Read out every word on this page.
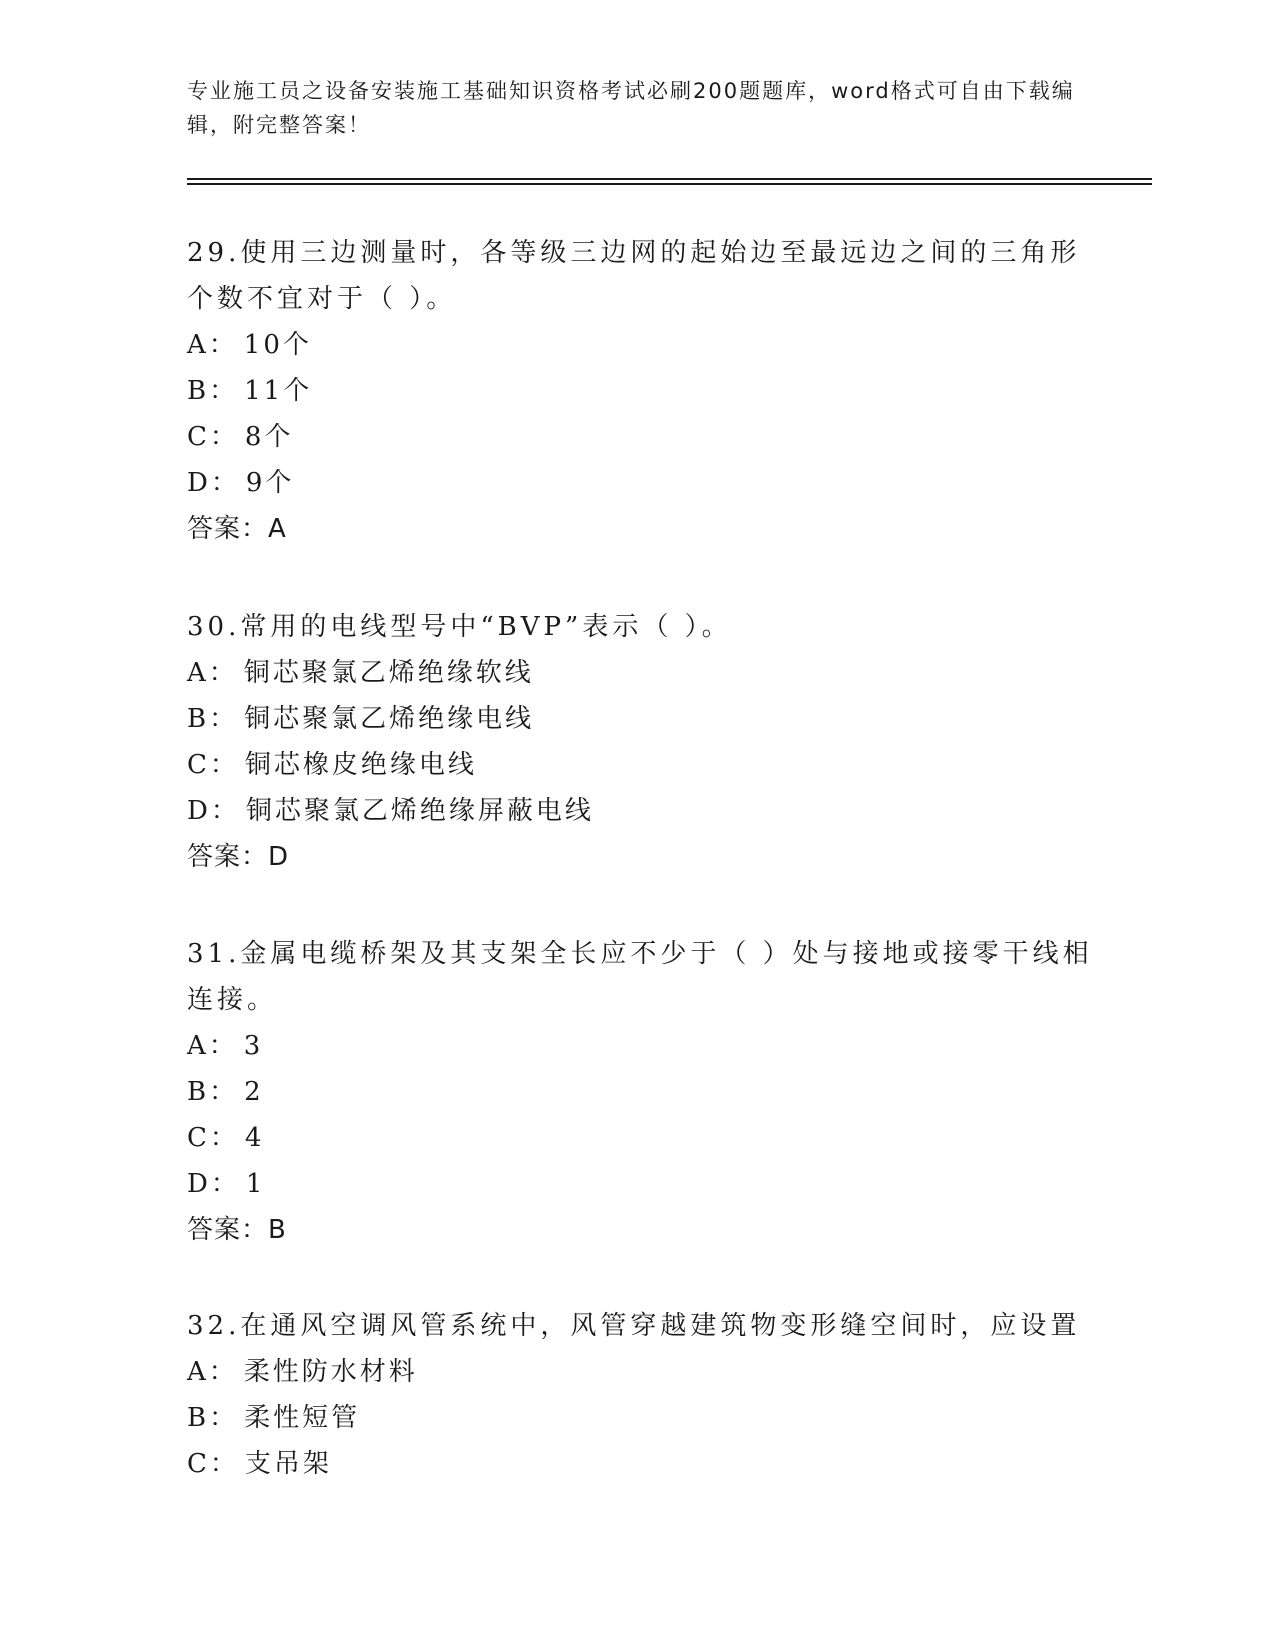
专业施工员之设备安装施工基础知识资格考试必刷200题题库，word格式可自由下载编辑，附完整答案！

29.使用三边测量时，各等级三边网的起始边至最远边之间的三角形个数不宜对于（ ）。

A： 10个

B： 11个

C： 8个

D： 9个

答案：A

30.常用的电线型号中“BVP”表示（ ）。

A： 铜芯聚氯乙烯绝缘软线

B： 铜芯聚氯乙烯绝缘电线

C： 铜芯橡皮绝缘电线

D： 铜芯聚氯乙烯绝缘屏蔽电线

答案：D

31.金属电缆桥架及其支架全长应不少于（ ）处与接地或接零干线相连接。

A： 3

B： 2

C： 4

D： 1

答案：B

32.在通风空调风管系统中，风管穿越建筑物变形缝空间时，应设置

A： 柔性防水材料

B： 柔性短管

C： 支吊架
